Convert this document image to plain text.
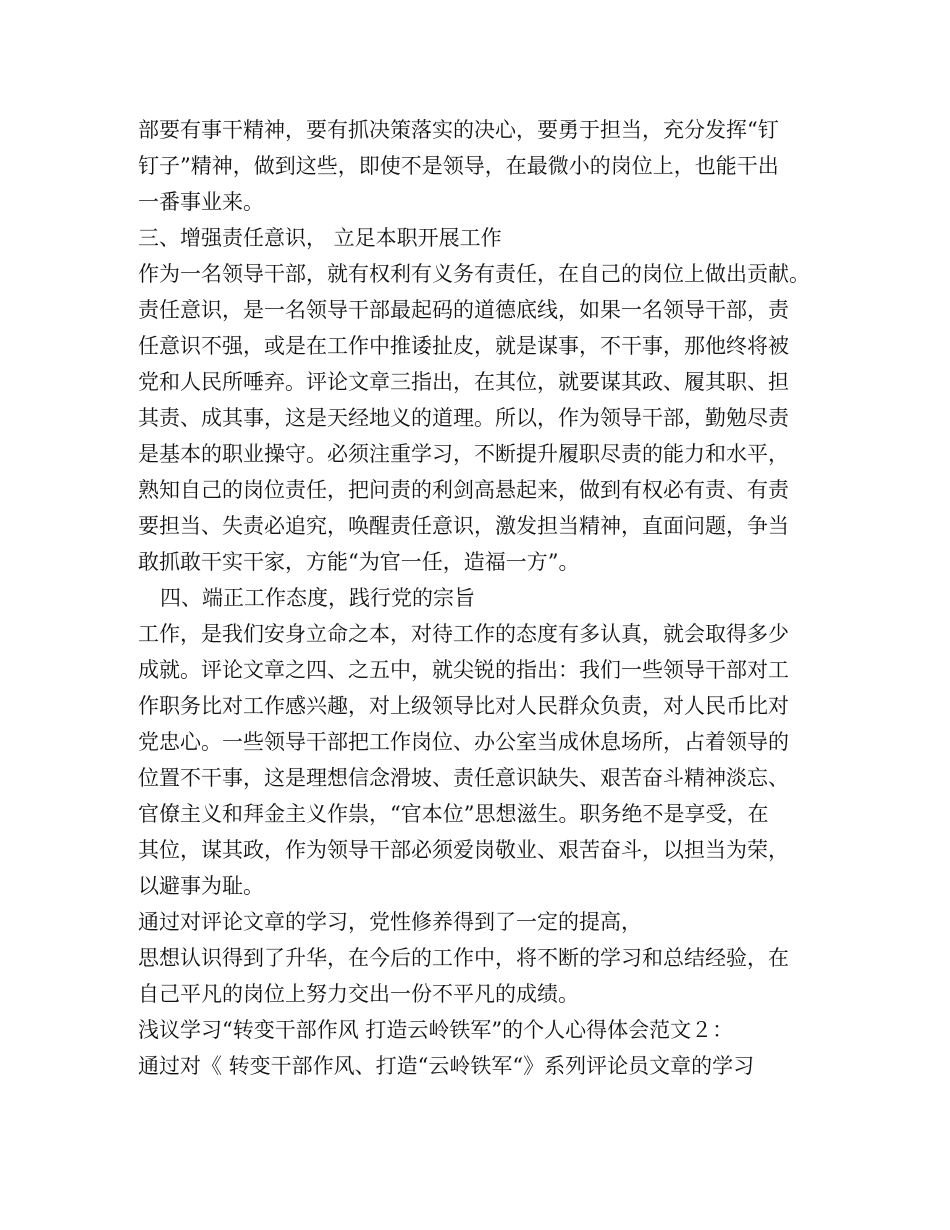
部要有事干精神，要有抓决策落实的决心，要勇于担当，充分发挥“钉
钉子”精神，做到这些，即使不是领导，在最微小的岗位上，也能干出
一番事业来。
三、增强责任意识， 立足本职开展工作
作为一名领导干部，就有权利有义务有责任，在自己的岗位上做出贡献。
责任意识，是一名领导干部最起码的道德底线，如果一名领导干部，责
任意识不强，或是在工作中推诿扯皮，就是谋事，不干事，那他终将被
党和人民所唾弃。评论文章三指出，在其位，就要谋其政、履其职、担
其责、成其事，这是天经地义的道理。所以，作为领导干部，勤勉尽责
是基本的职业操守。必须注重学习，不断提升履职尽责的能力和水平，
熟知自己的岗位责任，把问责的利剑高悬起来，做到有权必有责、有责
要担当、失责必追究，唤醒责任意识，激发担当精神，直面问题，争当
敢抓敢干实干家，方能“为官一任，造福一方”。
四、端正工作态度，践行党的宗旨
工作，是我们安身立命之本，对待工作的态度有多认真，就会取得多少
成就。评论文章之四、之五中，就尖锐的指出：我们一些领导干部对工
作职务比对工作感兴趣，对上级领导比对人民群众负责，对人民币比对
党忠心。一些领导干部把工作岗位、办公室当成休息场所，占着领导的
位置不干事，这是理想信念滑坡、责任意识缺失、艰苦奋斗精神淡忘、
官僚主义和拜金主义作祟，“官本位”思想滋生。职务绝不是享受，在
其位，谋其政，作为领导干部必须爱岗敬业、艰苦奋斗，以担当为荣，
以避事为耻。
通过对评论文章的学习，党性修养得到了一定的提高，
思想认识得到了升华，在今后的工作中，将不断的学习和总结经验，在
自己平凡的岗位上努力交出一份不平凡的成绩。
浅议学习“转变干部作风 打造云岭铁军”的个人心得体会范文２：
通过对《 转变干部作风、打造“云岭铁军“》系列评论员文章的学习
